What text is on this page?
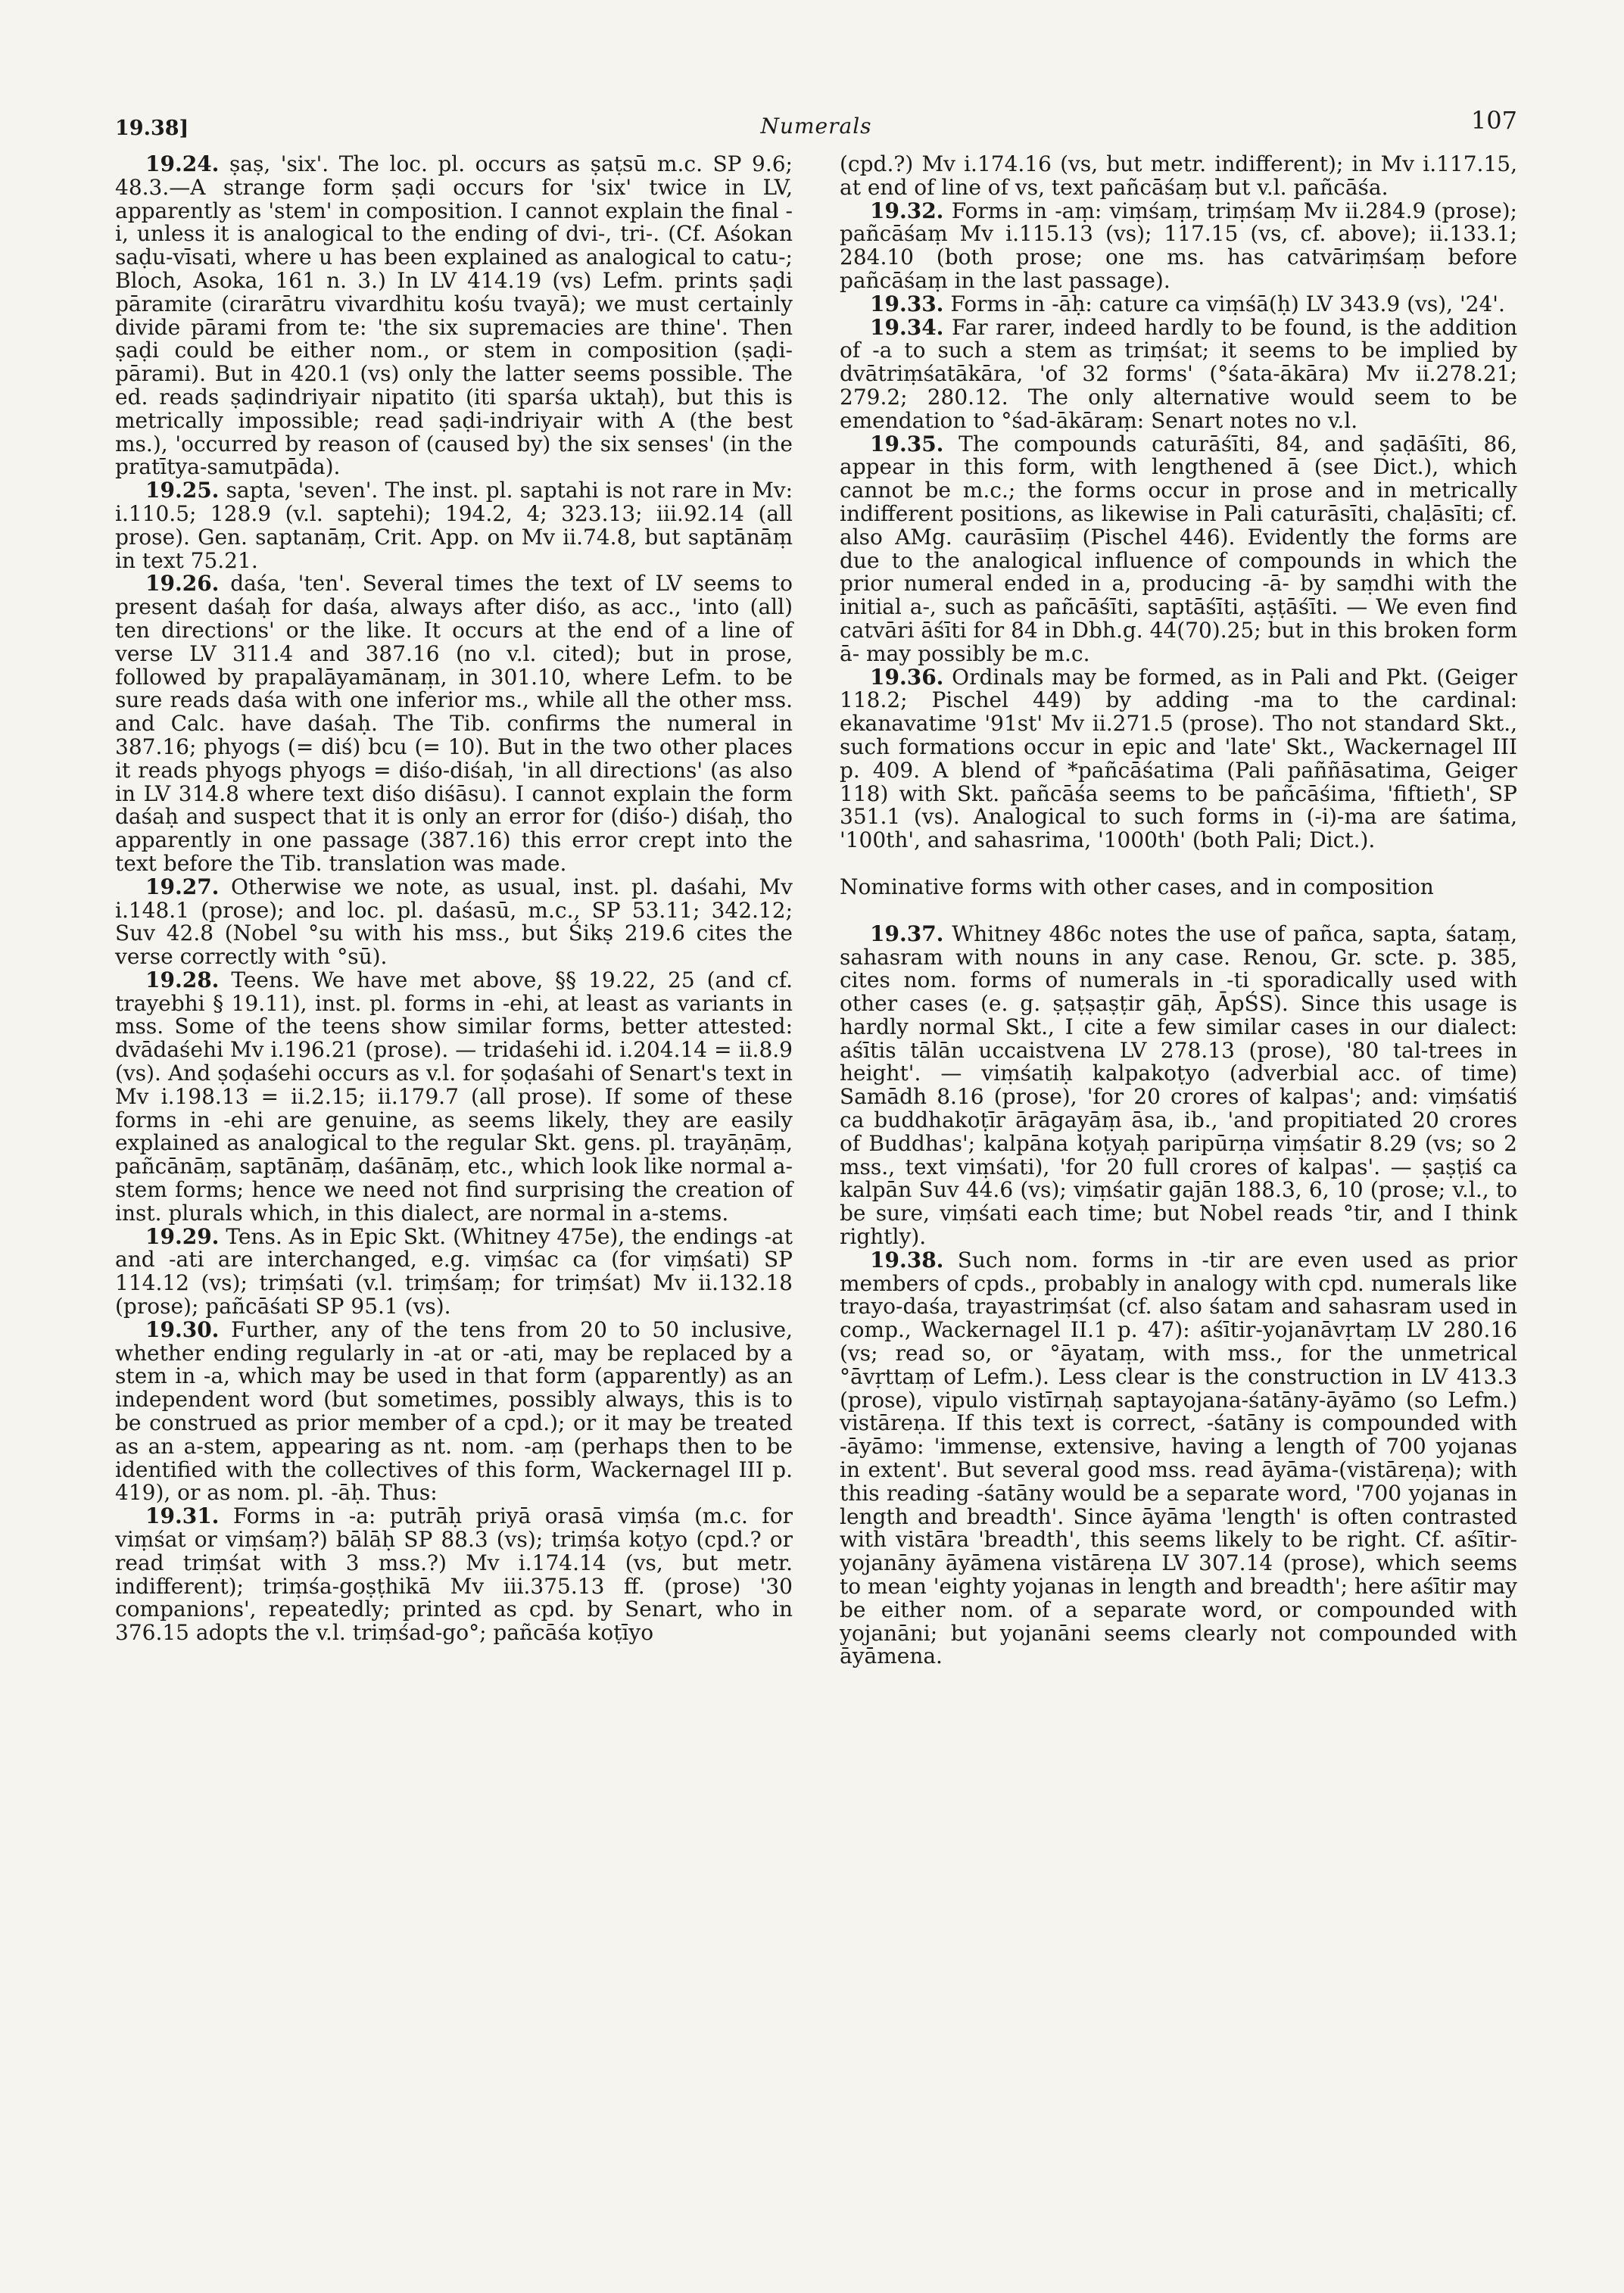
19.38]	Numerals	107

19.24. ṣaṣ, 'six'. The loc. pl. occurs as ṣaṭsū m.c. SP 9.6; 48.3.—A strange form ṣaḍi occurs for 'six' twice in LV, apparently as 'stem' in composition. I cannot explain the final -i, unless it is analogical to the ending of dvi-, tri-. (Cf. Aśokan saḍu-vīsati, where u has been explained as analogical to catu-; Bloch, Asoka, 161 n. 3.) In LV 414.19 (vs) Lefm. prints ṣaḍi pāramite (cirarātru vivardhitu kośu tvayā); we must certainly divide pārami from te: 'the six supremacies are thine'. Then ṣaḍi could be either nom., or stem in composition (ṣaḍi-pārami). But in 420.1 (vs) only the latter seems possible. The ed. reads ṣaḍindriyair nipatito (iti sparśa uktaḥ), but this is metrically impossible; read ṣaḍi-indriyair with A (the best ms.), 'occurred by reason of (caused by) the six senses' (in the pratītya-samutpāda).

19.25. sapta, 'seven'. The inst. pl. saptahi is not rare in Mv: i.110.5; 128.9 (v.l. saptehi); 194.2, 4; 323.13; iii.92.14 (all prose). Gen. saptanāṃ, Crit. App. on Mv ii.74.8, but saptānāṃ in text 75.21.

19.26. daśa, 'ten'. Several times the text of LV seems to present daśaḥ for daśa, always after diśo, as acc., 'into (all) ten directions' or the like. It occurs at the end of a line of verse LV 311.4 and 387.16 (no v.l. cited); but in prose, followed by prapalāyamānaṃ, in 301.10, where Lefm. to be sure reads daśa with one inferior ms., while all the other mss. and Calc. have daśaḥ. The Tib. confirms the numeral in 387.16; phyogs (= diś) bcu (= 10). But in the two other places it reads phyogs phyogs = diśo-diśaḥ, 'in all directions' (as also in LV 314.8 where text diśo diśāsu). I cannot explain the form daśaḥ and suspect that it is only an error for (diśo-) diśaḥ, tho apparently in one passage (387.16) this error crept into the text before the Tib. translation was made.

19.27. Otherwise we note, as usual, inst. pl. daśahi, Mv i.148.1 (prose); and loc. pl. daśasū, m.c., SP 53.11; 342.12; Suv 42.8 (Nobel °su with his mss., but Śikṣ 219.6 cites the verse correctly with °sū).

19.28. Teens. We have met above, §§ 19.22, 25 (and cf. trayebhi § 19.11), inst. pl. forms in -ehi, at least as variants in mss. Some of the teens show similar forms, better attested: dvādaśehi Mv i.196.21 (prose). — tridaśehi id. i.204.14 = ii.8.9 (vs). And ṣoḍaśehi occurs as v.l. for ṣoḍaśahi of Senart's text in Mv i.198.13 = ii.2.15; ii.179.7 (all prose). If some of these forms in -ehi are genuine, as seems likely, they are easily explained as analogical to the regular Skt. gens. pl. trayāṇāṃ, pañcānāṃ, saptānāṃ, daśānāṃ, etc., which look like normal a-stem forms; hence we need not find surprising the creation of inst. plurals which, in this dialect, are normal in a-stems.

19.29. Tens. As in Epic Skt. (Whitney 475e), the endings -at and -ati are interchanged, e.g. viṃśac ca (for viṃśati) SP 114.12 (vs); triṃśati (v.l. triṃśaṃ; for triṃśat) Mv ii.132.18 (prose); pañcāśati SP 95.1 (vs).

19.30. Further, any of the tens from 20 to 50 inclusive, whether ending regularly in -at or -ati, may be replaced by a stem in -a, which may be used in that form (apparently) as an independent word (but sometimes, possibly always, this is to be construed as prior member of a cpd.); or it may be treated as an a-stem, appearing as nt. nom. -aṃ (perhaps then to be identified with the collectives of this form, Wackernagel III p. 419), or as nom. pl. -āḥ. Thus:

19.31. Forms in -a: putrāḥ priyā orasā viṃśa (m.c. for viṃśat or viṃśaṃ?) bālāḥ SP 88.3 (vs); triṃśa koṭyo (cpd.? or read triṃśat with 3 mss.?) Mv i.174.14 (vs, but metr. indifferent); triṃśa-goṣṭhikā Mv iii.375.13 ff. (prose) '30 companions', repeatedly; printed as cpd. by Senart, who in 376.15 adopts the v.l. triṃśad-go°; pañcāśa koṭīyo

(cpd.?) Mv i.174.16 (vs, but metr. indifferent); in Mv i.117.15, at end of line of vs, text pañcāśaṃ but v.l. pañcāśa.

19.32. Forms in -aṃ: viṃśaṃ, triṃśaṃ Mv ii.284.9 (prose); pañcāśaṃ Mv i.115.13 (vs); 117.15 (vs, cf. above); ii.133.1; 284.10 (both prose; one ms. has catvāriṃśaṃ before pañcāśaṃ in the last passage).

19.33. Forms in -āḥ: cature ca viṃśā(ḥ) LV 343.9 (vs), '24'.

19.34. Far rarer, indeed hardly to be found, is the addition of -a to such a stem as triṃśat; it seems to be implied by dvātriṃśatākāra, 'of 32 forms' (°śata-ākāra) Mv ii.278.21; 279.2; 280.12. The only alternative would seem to be emendation to °śad-ākāraṃ: Senart notes no v.l.

19.35. The compounds caturāśīti, 84, and ṣaḍāśīti, 86, appear in this form, with lengthened ā (see Dict.), which cannot be m.c.; the forms occur in prose and in metrically indifferent positions, as likewise in Pali caturāsīti, chaḷāsīti; cf. also AMg. caurāsīiṃ (Pischel 446). Evidently the forms are due to the analogical influence of compounds in which the prior numeral ended in a, producing -ā- by saṃdhi with the initial a-, such as pañcāśīti, saptāśīti, aṣṭāśīti. — We even find catvāri āśīti for 84 in Dbh.g. 44(70).25; but in this broken form ā- may possibly be m.c.

19.36. Ordinals may be formed, as in Pali and Pkt. (Geiger 118.2; Pischel 449) by adding -ma to the cardinal: ekanavatime '91st' Mv ii.271.5 (prose). Tho not standard Skt., such formations occur in epic and 'late' Skt., Wackernagel III p. 409. A blend of *pañcāśatima (Pali paññāsatima, Geiger 118) with Skt. pañcāśa seems to be pañcāśima, 'fiftieth', SP 351.1 (vs). Analogical to such forms in (-i)-ma are śatima, '100th', and sahasrima, '1000th' (both Pali; Dict.).

Nominative forms with other cases, and in composition

19.37. Whitney 486c notes the use of pañca, sapta, śataṃ, sahasram with nouns in any case. Renou, Gr. scte. p. 385, cites nom. forms of numerals in -ti sporadically used with other cases (e. g. ṣaṭṣaṣṭir gāḥ, ĀpŚS). Since this usage is hardly normal Skt., I cite a few similar cases in our dialect: aśītis tālān uccaistvena LV 278.13 (prose), '80 tal-trees in height'. — viṃśatiḥ kalpakoṭyo (adverbial acc. of time) Samādh 8.16 (prose), 'for 20 crores of kalpas'; and: viṃśatiś ca buddhakoṭīr ārāgayāṃ āsa, ib., 'and propitiated 20 crores of Buddhas'; kalpāna koṭyaḥ paripūrṇa viṃśatir 8.29 (vs; so 2 mss., text viṃśati), 'for 20 full crores of kalpas'. — ṣaṣṭiś ca kalpān Suv 44.6 (vs); viṃśatir gajān 188.3, 6, 10 (prose; v.l., to be sure, viṃśati each time; but Nobel reads °tir, and I think rightly).

19.38. Such nom. forms in -tir are even used as prior members of cpds., probably in analogy with cpd. numerals like trayo-daśa, trayastriṃśat (cf. also śatam and sahasram used in comp., Wackernagel II.1 p. 47): aśītir-yojanāvṛtaṃ LV 280.16 (vs; read so, or °āyataṃ, with mss., for the unmetrical °āvṛttaṃ of Lefm.). Less clear is the construction in LV 413.3 (prose), vipulo vistīrṇaḥ saptayojana-śatāny-āyāmo (so Lefm.) vistāreṇa. If this text is correct, -śatāny is compounded with -āyāmo: 'immense, extensive, having a length of 700 yojanas in extent'. But several good mss. read āyāma-(vistāreṇa); with this reading -śatāny would be a separate word, '700 yojanas in length and breadth'. Since āyāma 'length' is often contrasted with vistāra 'breadth', this seems likely to be right. Cf. aśītir-yojanāny āyāmena vistāreṇa LV 307.14 (prose), which seems to mean 'eighty yojanas in length and breadth'; here aśītir may be either nom. of a separate word, or compounded with yojanāni; but yojanāni seems clearly not compounded with āyāmena.
